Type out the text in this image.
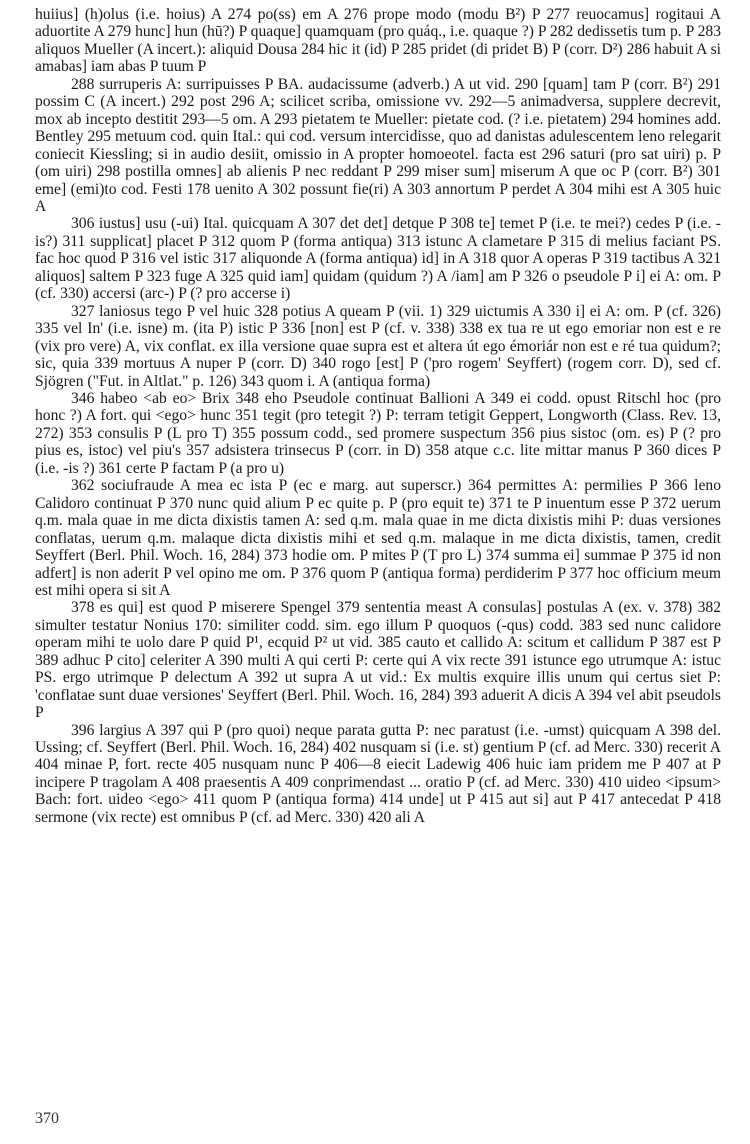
huiius] (h)olus (i.e. hoius) A 274 po(ss) em A 276 prope modo (modu B²) P 277 reuocamus] rogitaui A aduortite A 279 hunc] hun (hū?) P quaque] quamquam (pro quáq., i.e. quaque ?) P 282 dedissetis tum p. P 283 aliquos Mueller (A incert.): aliquid Dousa 284 hic it (id) P 285 pridet (di pridet B) P (corr. D²) 286 habuit A si amabas] iam abas P tuum P

288 surruperis A: surripuisses P BA. audacissume (adverb.) A ut vid. 290 [quam] tam P (corr. B²) 291 possim C (A incert.) 292 post 296 A; scilicet scriba, omissione vv. 292—5 animadversa, supplere decrevit, mox ab incepto destitit 293—5 om. A 293 pietatem te Mueller: pietate cod. (? i.e. pietatem) 294 homines add. Bentley 295 metuum cod. quin Ital.: qui cod. versum intercidisse, quo ad danistas adulescentem leno relegarit coniecit Kiessling; si in audio desiit, omissio in A propter homoeotel. facta est 296 saturi (pro sat uiri) p. P (om uiri) 298 postilla omnes] ab alienis P nec reddant P 299 miser sum] miserum A que oc P (corr. B²) 301 eme] (emi)to cod. Festi 178 uenito A 302 possunt fie(ri) A 303 annortum P perdet A 304 mihi est A 305 huic A

306 iustus] usu (-ui) Ital. quicquam A 307 det det] detque P 308 te] temet P (i.e. te mei?) cedes P (i.e. -is?) 311 supplicat] placet P 312 quom P (forma antiqua) 313 istunc A clametare P 315 di melius faciant PS. fac hoc quod P 316 vel istic 317 aliquonde A (forma antiqua) id] in A 318 quor A operas P 319 tactibus A 321 aliquos] saltem P 323 fuge A 325 quid iam] quidam (quidum ?) A /iam] am P 326 o pseudole P i] ei A: om. P (cf. 330) accersi (arc-) P (? pro accerse i)

327 laniosus tego P vel huic 328 potius A queam P (vii. 1) 329 uictumis A 330 i] ei A: om. P (cf. 326) 335 vel In' (i.e. isne) m. (ita P) istic P 336 [non] est P (cf. v. 338) 338 ex tua re ut ego emoriar non est e re (vix pro vere) A, vix conflat. ex illa versione quae supra est et altera út ego émoriár non est e ré tua quidum?; sic, quia 339 mortuus A nuper P (corr. D) 340 rogo [est] P ('pro rogem' Seyffert) (rogem corr. D), sed cf. Sjögren ("Fut. in Altlat." p. 126) 343 quom i. A (antiqua forma)

346 habeo <ab eo> Brix 348 eho Pseudole continuat Ballioni A 349 ei codd. opust Ritschl hoc (pro honc ?) A fort. qui <ego> hunc 351 tegit (pro tetegit ?) P: terram tetigit Geppert, Longworth (Class. Rev. 13, 272) 353 consulis P (L pro T) 355 possum codd., sed promere suspectum 356 pius sistoc (om. es) P (? pro pius es, istoc) vel piu's 357 adsistera trinsecus P (corr. in D) 358 atque c.c. lite mittar manus P 360 dices P (i.e. -is ?) 361 certe P factam P (a pro u)

362 sociufraude A mea ec ista P (ec e marg. aut superscr.) 364 permittes A: permilies P 366 leno Calidoro continuat P 370 nunc quid alium P ec quite p. P (pro equit te) 371 te P inuentum esse P 372 uerum q.m. mala quae in me dicta dixistis tamen A: sed q.m. mala quae in me dicta dixistis mihi P: duas versiones conflatas, uerum q.m. malaque dicta dixistis mihi et sed q.m. malaque in me dicta dixistis, tamen, credit Seyffert (Berl. Phil. Woch. 16, 284) 373 hodie om. P mites P (T pro L) 374 summa ei] summae P 375 id non adfert] is non aderit P vel opino me om. P 376 quom P (antiqua forma) perdiderim P 377 hoc officium meum est mihi opera si sit A

378 es qui] est quod P miserere Spengel 379 sententia meast A consulas] postulas A (ex. v. 378) 382 simulter testatur Nonius 170: similiter codd. sim. ego illum P quoquos (-qus) codd. 383 sed nunc calidore operam mihi te uolo dare P quid P¹, ecquid P² ut vid. 385 cauto et callido A: scitum et callidum P 387 est P 389 adhuc P cito] celeriter A 390 multi A qui certi P: certe qui A vix recte 391 istunce ego utrumque A: istuc PS. ergo utrimque P delectum A 392 ut supra A ut vid.: Ex multis exquire illis unum qui certus siet P: 'conflatae sunt duae versiones' Seyffert (Berl. Phil. Woch. 16, 284) 393 aduerit A dicis A 394 vel abit pseudols P

396 largius A 397 qui P (pro quoi) neque parata gutta P: nec paratust (i.e. -umst) quicquam A 398 del. Ussing; cf. Seyffert (Berl. Phil. Woch. 16, 284) 402 nusquam si (i.e. st) gentium P (cf. ad Merc. 330) recerit A 404 minae P, fort. recte 405 nusquam nunc P 406—8 eiecit Ladewig 406 huic iam pridem me P 407 at P incipere P tragolam A 408 praesentis A 409 conprimendast ... oratio P (cf. ad Merc. 330) 410 uideo <ipsum> Bach: fort. uideo <ego> 411 quom P (antiqua forma) 414 unde] ut P 415 aut si] aut P 417 antecedat P 418 sermone (vix recte) est omnibus P (cf. ad Merc. 330) 420 ali A

370
